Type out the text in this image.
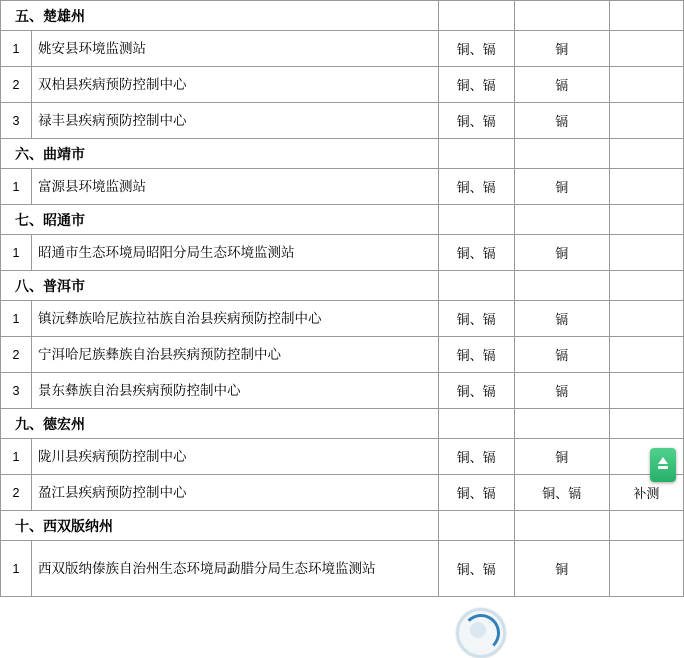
五、楚雄州				
1	姚安县环境监测站	铜、镉	铜	
2	双柏县疾病预防控制中心	铜、镉	镉	
3	禄丰县疾病预防控制中心	铜、镉	镉	
六、曲靖市				
1	富源县环境监测站	铜、镉	铜	
七、昭通市				
1	昭通市生态环境局昭阳分局生态环境监测站	铜、镉	铜	
八、普洱市				
1	镇沅彝族哈尼族拉祜族自治县疾病预防控制中心	铜、镉	镉	
2	宁洱哈尼族彝族自治县疾病预防控制中心	铜、镉	镉	
3	景东彝族自治县疾病预防控制中心	铜、镉	镉	
九、德宏州				
1	陇川县疾病预防控制中心	铜、镉	铜	
2	盈江县疾病预防控制中心	铜、镉	铜、镉	补测
十、西双版纳州				
1	西双版纳傣族自治州生态环境局勐腊分局生态环境监测站	铜、镉	铜	
